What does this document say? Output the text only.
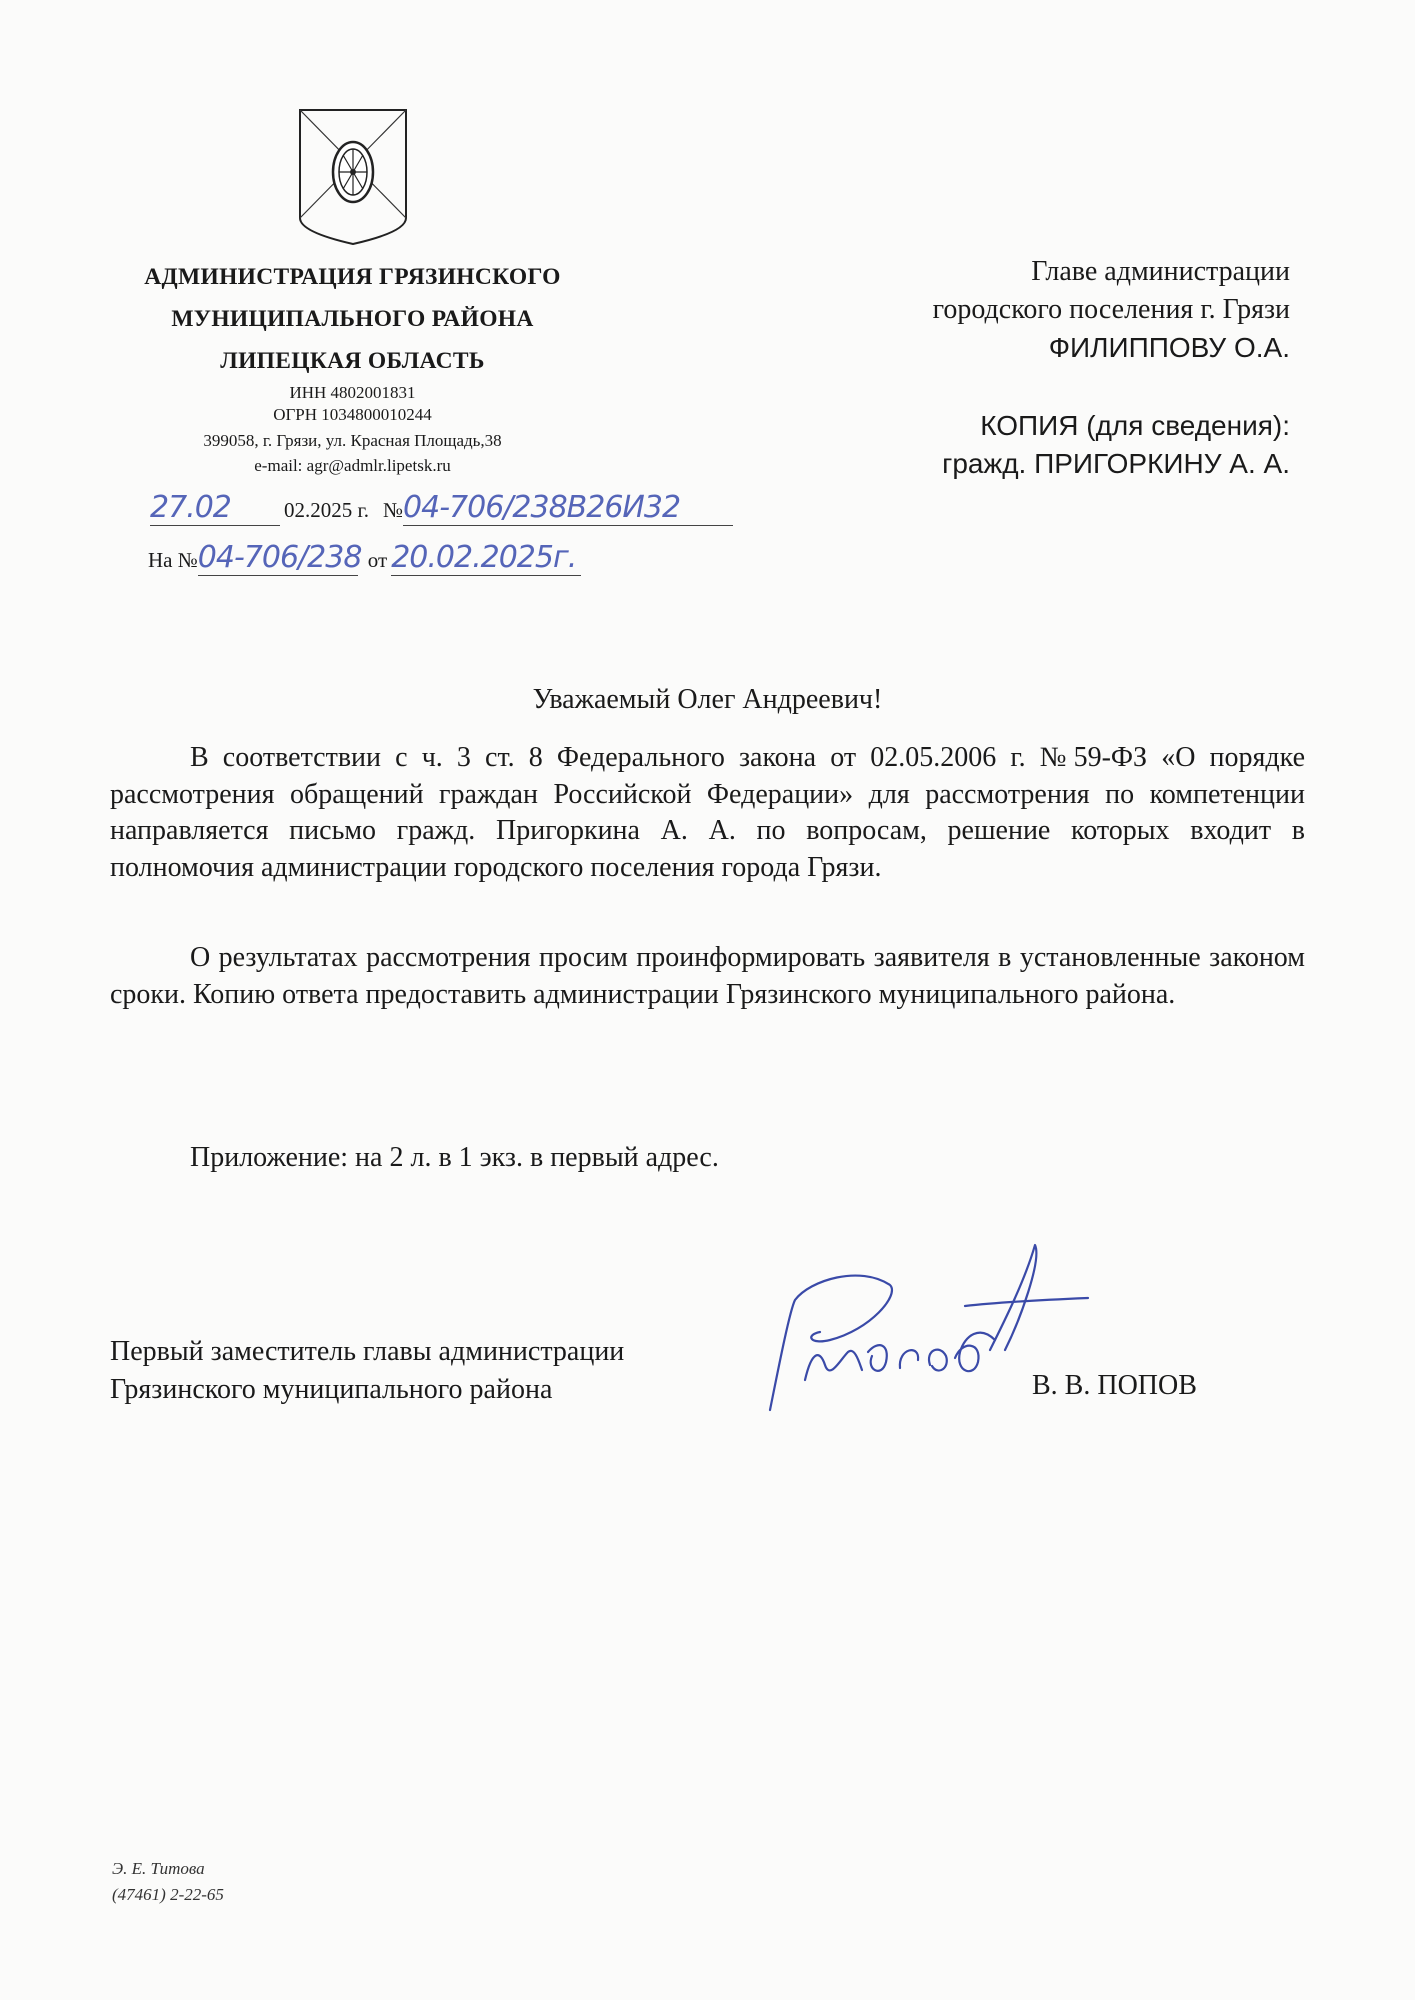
АДМИНИСТРАЦИЯ ГРЯЗИНСКОГО
МУНИЦИПАЛЬНОГО РАЙОНА
ЛИПЕЦКАЯ ОБЛАСТЬ
ИНН 4802001831
ОГРН 1034800010244
399058, г. Грязи, ул. Красная Площадь,38
e-mail: agr@admlr.lipetsk.ru
27.02	02.2025 г. №04-706/238В26И32
На №04-706/238 от 20.02.2025г.
Главе администрации
городского поселения г. Грязи
ФИЛИППОВУ О.А.
КОПИЯ (для сведения):
гражд. ПРИГОРКИНУ А. А.
Уважаемый Олег Андреевич!
В соответствии с ч. 3 ст. 8 Федерального закона от 02.05.2006 г. №59-ФЗ «О порядке рассмотрения обращений граждан Российской Федерации» для рассмотрения по компетенции направляется письмо гражд. Пригоркина А. А. по вопросам, решение которых входит в полномочия администрации городского поселения города Грязи.
О результатах рассмотрения просим проинформировать заявителя в установленные законом сроки. Копию ответа предоставить администрации Грязинского муниципального района.
Приложение: на 2 л. в 1 экз. в первый адрес.
Первый заместитель главы администрации
Грязинского муниципального района	В. В. ПОПОВ
Э. Е. Титова
(47461) 2-22-65
